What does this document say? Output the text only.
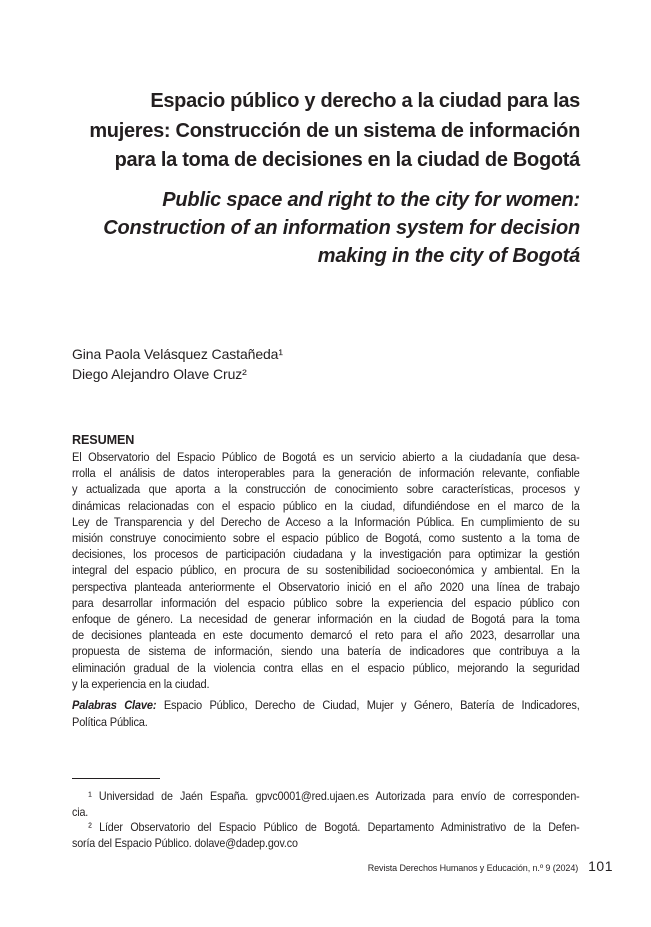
Espacio público y derecho a la ciudad para las
mujeres: Construcción de un sistema de información
para la toma de decisiones en la ciudad de Bogotá
Public space and right to the city for women:
Construction of an information system for decision
making in the city of Bogotá
Gina Paola Velásquez Castañeda¹
Diego Alejandro Olave Cruz²
RESUMEN
El Observatorio del Espacio Público de Bogotá es un servicio abierto a la ciudadanía que desa-
rrolla el análisis de datos interoperables para la generación de información relevante, confiable
y actualizada que aporta a la construcción de conocimiento sobre características, procesos y
dinámicas relacionadas con el espacio público en la ciudad, difundiéndose en el marco de la
Ley de Transparencia y del Derecho de Acceso a la Información Pública. En cumplimiento de su
misión construye conocimiento sobre el espacio público de Bogotá, como sustento a la toma de
decisiones, los procesos de participación ciudadana y la investigación para optimizar la gestión
integral del espacio público, en procura de su sostenibilidad socioeconómica y ambiental. En la
perspectiva planteada anteriormente el Observatorio inició en el año 2020 una línea de trabajo
para desarrollar información del espacio público sobre la experiencia del espacio público con
enfoque de género. La necesidad de generar información en la ciudad de Bogotá para la toma
de decisiones planteada en este documento demarcó el reto para el año 2023, desarrollar una
propuesta de sistema de información, siendo una batería de indicadores que contribuya a la
eliminación gradual de la violencia contra ellas en el espacio público, mejorando la seguridad
y la experiencia en la ciudad.
Palabras Clave: Espacio Público, Derecho de Ciudad, Mujer y Género, Batería de Indicadores,
Política Pública.
¹ Universidad de Jaén España. gpvc0001@red.ujaen.es Autorizada para envío de corresponden-
cia.
² Líder Observatorio del Espacio Público de Bogotá. Departamento Administrativo de la Defen-
soría del Espacio Público. dolave@dadep.gov.co
Revista Derechos Humanos y Educación, n.º 9 (2024) 101
